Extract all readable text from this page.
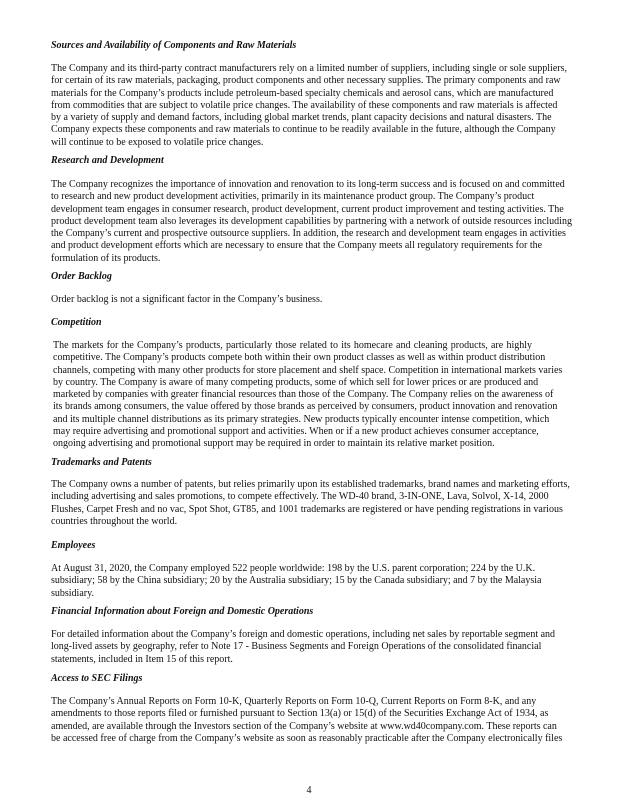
Sources and Availability of Components and Raw Materials
The Company and its third-party contract manufacturers rely on a limited number of suppliers, including single or sole suppliers,
for certain of its raw materials, packaging, product components and other necessary supplies. The primary components and raw
materials for the Company’s products include petroleum-based specialty chemicals and aerosol cans, which are manufactured
from commodities that are subject to volatile price changes. The availability of these components and raw materials is affected
by a variety of supply and demand factors, including global market trends, plant capacity decisions and natural disasters. The
Company expects these components and raw materials to continue to be readily available in the future, although the Company
will continue to be exposed to volatile price changes.
Research and Development
The Company recognizes the importance of innovation and renovation to its long-term success and is focused on and committed
to research and new product development activities, primarily in its maintenance product group. The Company’s product
development team engages in consumer research, product development, current product improvement and testing activities. The
product development team also leverages its development capabilities by partnering with a network of outside resources including
the Company’s current and prospective outsource suppliers. In addition, the research and development team engages in activities
and product development efforts which are necessary to ensure that the Company meets all regulatory requirements for the
formulation of its products.
Order Backlog
Order backlog is not a significant factor in the Company’s business.
Competition
The markets for the Company’s products, particularly those related to its homecare and cleaning products, are highly
competitive. The Company’s products compete both within their own product classes as well as within product distribution
channels, competing with many other products for store placement and shelf space. Competition in international markets varies
by country. The Company is aware of many competing products, some of which sell for lower prices or are produced and
marketed by companies with greater financial resources than those of the Company. The Company relies on the awareness of
its brands among consumers, the value offered by those brands as perceived by consumers, product innovation and renovation
and its multiple channel distributions as its primary strategies. New products typically encounter intense competition, which
may require advertising and promotional support and activities. When or if a new product achieves consumer acceptance,
ongoing advertising and promotional support may be required in order to maintain its relative market position.
Trademarks and Patents
The Company owns a number of patents, but relies primarily upon its established trademarks, brand names and marketing efforts,
including advertising and sales promotions, to compete effectively. The WD-40 brand, 3-IN-ONE, Lava, Solvol, X-14, 2000
Flushes, Carpet Fresh and no vac, Spot Shot, GT85, and 1001 trademarks are registered or have pending registrations in various
countries throughout the world.
Employees
At August 31, 2020, the Company employed 522 people worldwide: 198 by the U.S. parent corporation; 224 by the U.K.
subsidiary; 58 by the China subsidiary; 20 by the Australia subsidiary; 15 by the Canada subsidiary; and 7 by the Malaysia
subsidiary.
Financial Information about Foreign and Domestic Operations
For detailed information about the Company’s foreign and domestic operations, including net sales by reportable segment and
long-lived assets by geography, refer to Note 17 - Business Segments and Foreign Operations of the consolidated financial
statements, included in Item 15 of this report.
Access to SEC Filings
The Company’s Annual Reports on Form 10-K, Quarterly Reports on Form 10-Q, Current Reports on Form 8-K, and any
amendments to those reports filed or furnished pursuant to Section 13(a) or 15(d) of the Securities Exchange Act of 1934, as
amended, are available through the Investors section of the Company’s website at www.wd40company.com. These reports can
be accessed free of charge from the Company’s website as soon as reasonably practicable after the Company electronically files
4
